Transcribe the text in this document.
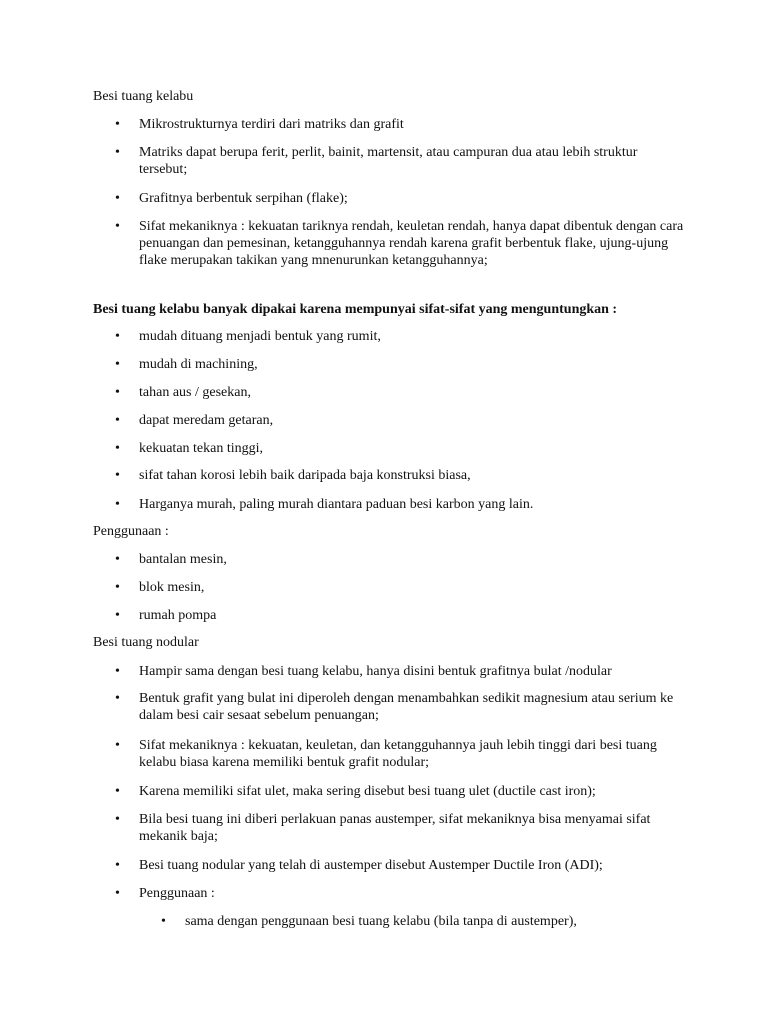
Besi tuang kelabu

•	Mikrostrukturnya terdiri dari matriks dan grafit
•	Matriks dapat berupa ferit, perlit, bainit, martensit, atau campuran dua atau lebih struktur tersebut;
•	Grafitnya berbentuk serpihan (flake);
•	Sifat mekaniknya : kekuatan tariknya rendah, keuletan rendah, hanya dapat dibentuk dengan cara penuangan dan pemesinan, ketangguhannya rendah karena grafit berbentuk flake, ujung-ujung flake merupakan takikan yang mnenurunkan ketangguhannya;

Besi tuang kelabu banyak dipakai karena mempunyai sifat-sifat yang menguntungkan :

•	mudah dituang menjadi bentuk yang rumit,
•	mudah di machining,
•	tahan aus / gesekan,
•	dapat meredam getaran,
•	kekuatan tekan tinggi,
•	sifat tahan korosi lebih baik daripada baja konstruksi biasa,
•	Harganya murah, paling murah diantara paduan besi karbon yang lain.

Penggunaan :

•	bantalan mesin,
•	blok mesin,
•	rumah pompa

Besi tuang nodular

•	Hampir sama dengan besi tuang kelabu, hanya disini bentuk grafitnya bulat /nodular
•	Bentuk grafit yang bulat ini diperoleh dengan menambahkan sedikit magnesium atau serium ke dalam besi cair sesaat sebelum penuangan;
•	Sifat mekaniknya : kekuatan, keuletan, dan ketangguhannya jauh lebih tinggi dari besi tuang kelabu biasa karena memiliki bentuk grafit nodular;
•	Karena memiliki sifat ulet, maka sering disebut besi tuang ulet (ductile cast iron);
•	Bila besi tuang ini diberi perlakuan panas austemper, sifat mekaniknya bisa menyamai sifat mekanik baja;
•	Besi tuang nodular yang telah di austemper disebut Austemper Ductile Iron (ADI);
•	Penggunaan :
•	sama dengan penggunaan besi tuang kelabu (bila tanpa di austemper),
